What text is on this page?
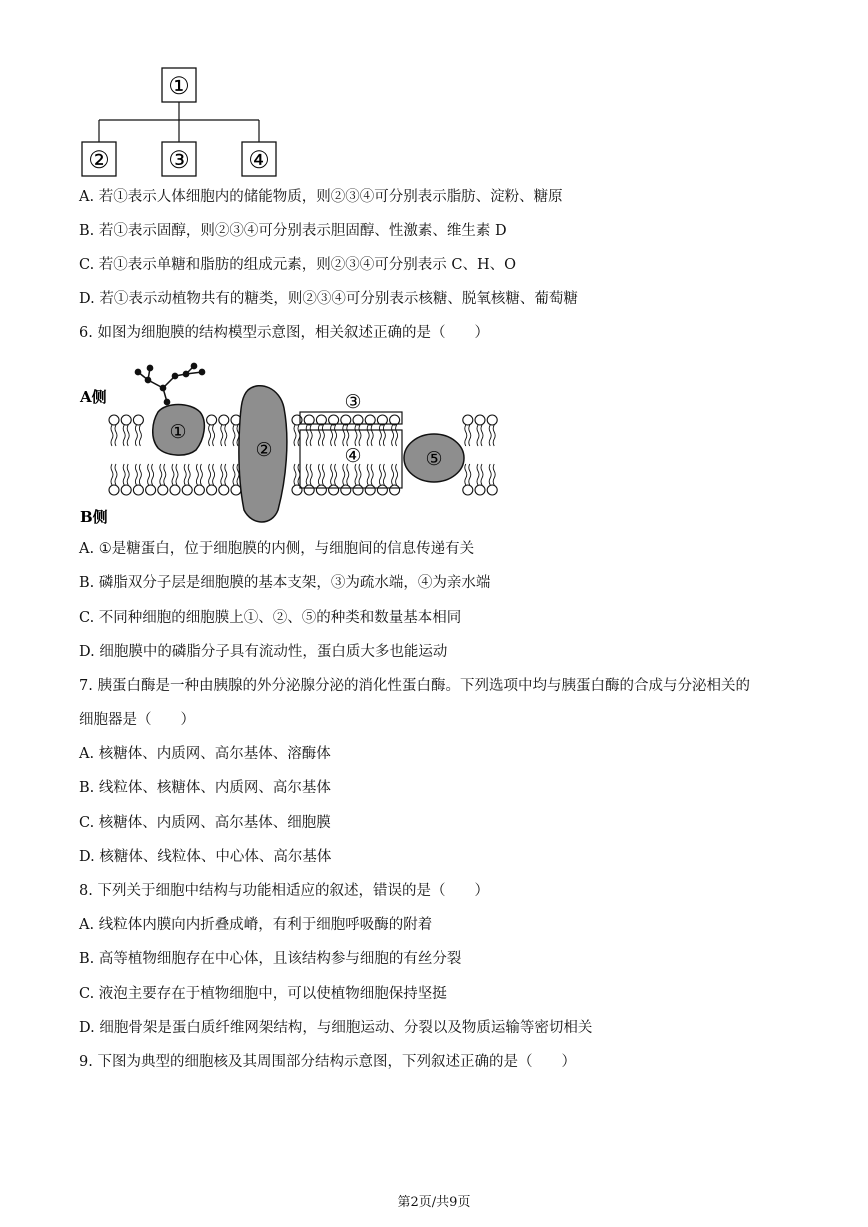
①
② ③ ④
A. 若①表示人体细胞内的储能物质，则②③④可分别表示脂肪、淀粉、糖原
B. 若①表示固醇，则②③④可分别表示胆固醇、性激素、维生素 D
C. 若①表示单糖和脂肪的组成元素，则②③④可分别表示 C、H、O
D. 若①表示动植物共有的糖类，则②③④可分别表示核糖、脱氧核糖、葡萄糖
6. 如图为细胞膜的结构模型示意图，相关叙述正确的是（　　）
A侧
B侧
①
②
③
④	⑤
A. ①是糖蛋白，位于细胞膜的内侧，与细胞间的信息传递有关
B. 磷脂双分子层是细胞膜的基本支架，③为疏水端，④为亲水端
C. 不同种细胞的细胞膜上①、②、⑤的种类和数量基本相同
D. 细胞膜中的磷脂分子具有流动性，蛋白质大多也能运动
7. 胰蛋白酶是一种由胰腺的外分泌腺分泌的消化性蛋白酶。下列选项中均与胰蛋白酶的合成与分泌相关的
细胞器是（　　）
A. 核糖体、内质网、高尔基体、溶酶体
B. 线粒体、核糖体、内质网、高尔基体
C. 核糖体、内质网、高尔基体、细胞膜
D. 核糖体、线粒体、中心体、高尔基体
8. 下列关于细胞中结构与功能相适应的叙述，错误的是（　　）
A. 线粒体内膜向内折叠成嵴，有利于细胞呼吸酶的附着
B. 高等植物细胞存在中心体，且该结构参与细胞的有丝分裂
C. 液泡主要存在于植物细胞中，可以使植物细胞保持坚挺
D. 细胞骨架是蛋白质纤维网架结构，与细胞运动、分裂以及物质运输等密切相关
9. 下图为典型的细胞核及其周围部分结构示意图，下列叙述正确的是（　　）
第2页/共9页
